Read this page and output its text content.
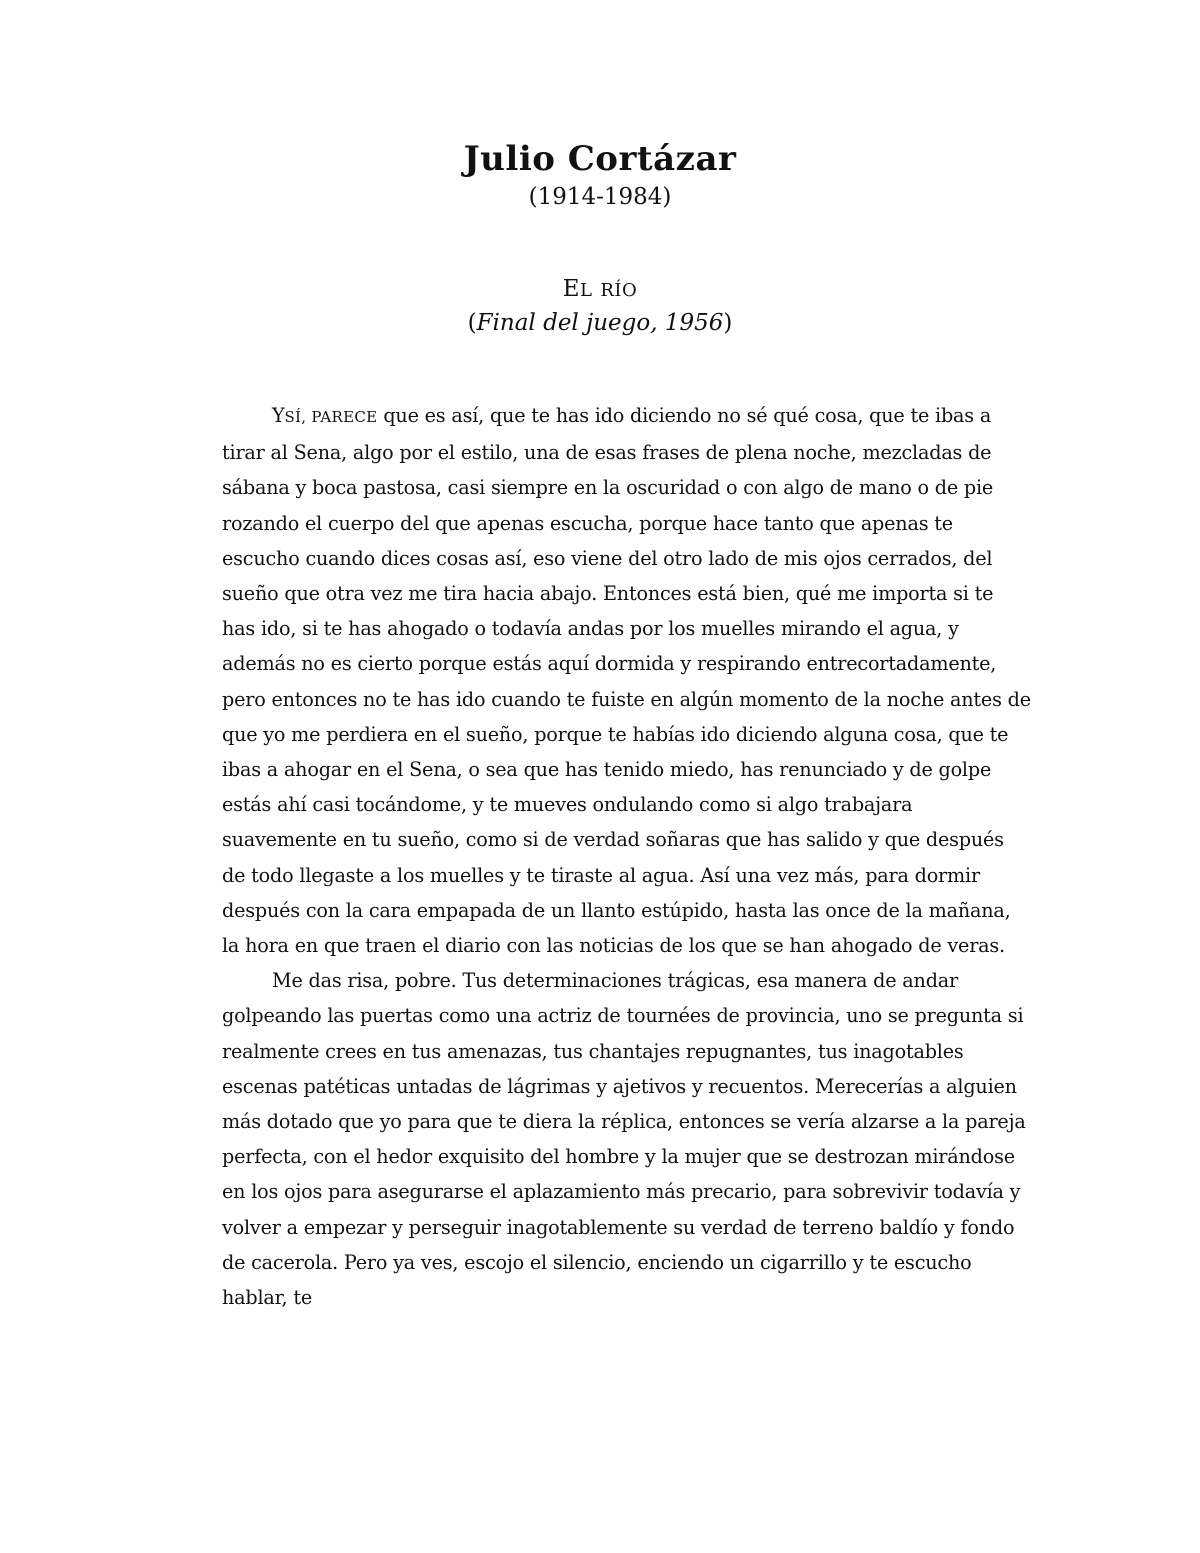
Julio Cortázar
(1914-1984)
EL RÍO
(Final del juego, 1956)

YSÍ, PARECE que es así, que te has ido diciendo no sé qué cosa, que te ibas a tirar al Sena, algo por el estilo, una de esas frases de plena noche, mezcladas de sábana y boca pastosa, casi siempre en la oscuridad o con algo de mano o de pie rozando el cuerpo del que apenas escucha, porque hace tanto que apenas te escucho cuando dices cosas así, eso viene del otro lado de mis ojos cerrados, del sueño que otra vez me tira hacia abajo. Entonces está bien, qué me importa si te has ido, si te has ahogado o todavía andas por los muelles mirando el agua, y además no es cierto porque estás aquí dormida y respirando entrecortadamente, pero entonces no te has ido cuando te fuiste en algún momento de la noche antes de que yo me perdiera en el sueño, porque te habías ido diciendo alguna cosa, que te ibas a ahogar en el Sena, o sea que has tenido miedo, has renunciado y de golpe estás ahí casi tocándome, y te mueves ondulando como si algo trabajara suavemente en tu sueño, como si de verdad soñaras que has salido y que después de todo llegaste a los muelles y te tiraste al agua. Así una vez más, para dormir después con la cara empapada de un llanto estúpido, hasta las once de la mañana, la hora en que traen el diario con las noticias de los que se han ahogado de veras.

Me das risa, pobre. Tus determinaciones trágicas, esa manera de andar golpeando las puertas como una actriz de tournées de provincia, uno se pregunta si realmente crees en tus amenazas, tus chantajes repugnantes, tus inagotables escenas patéticas untadas de lágrimas y ajetivos y recuentos. Merecerías a alguien más dotado que yo para que te diera la réplica, entonces se vería alzarse a la pareja perfecta, con el hedor exquisito del hombre y la mujer que se destrozan mirándose en los ojos para asegurarse el aplazamiento más precario, para sobrevivir todavía y volver a empezar y perseguir inagotablemente su verdad de terreno baldío y fondo de cacerola. Pero ya ves, escojo el silencio, enciendo un cigarrillo y te escucho hablar, te
